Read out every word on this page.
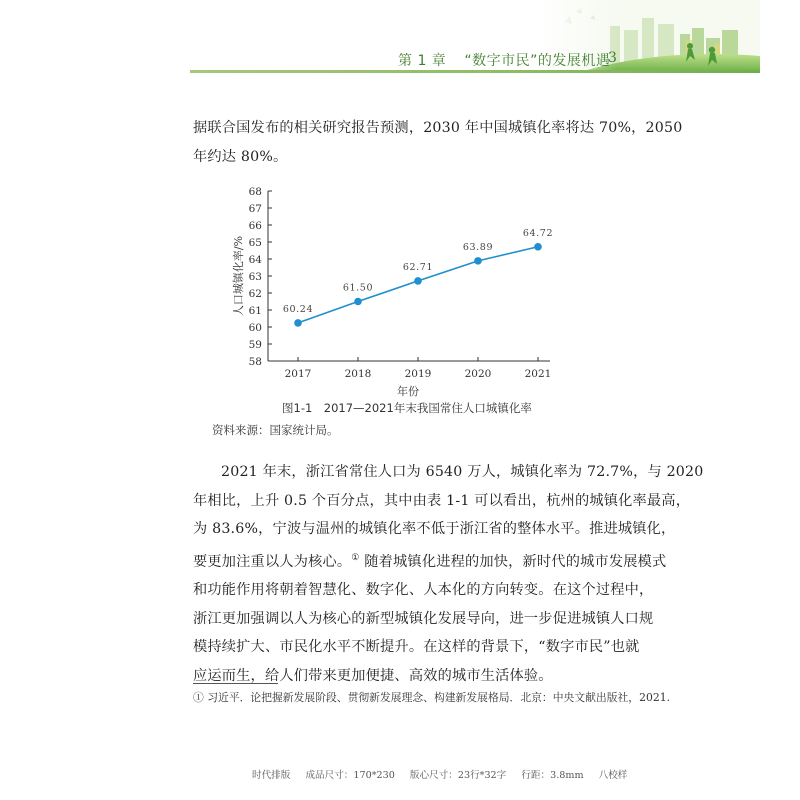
第 1 章 “数字市民”的发展机遇
3
据联合国发布的相关研究报告预测，2030 年中国城镇化率将达 70%，2050
年约达 80%。
58
59
60
61
62
63
64
65
66
67
68
2017	2018	2019	2020	2021
年份
人口城镇化率/%	60.24
61.50
62.71
63.89
64.72
图1-1　2017—2021年末我国常住人口城镇化率
资料来源：国家统计局。
2021 年末，浙江省常住人口为 6540 万人，城镇化率为 72.7%，与 2020
年相比，上升 0.5 个百分点，其中由表 1-1 可以看出，杭州的城镇化率最高，
为 83.6%，宁波与温州的城镇化率不低于浙江省的整体水平。推进城镇化，
要更加注重以人为核心。① 随着城镇化进程的加快，新时代的城市发展模式
和功能作用将朝着智慧化、数字化、人本化的方向转变。在这个过程中，
浙江更加强调以人为核心的新型城镇化发展导向，进一步促进城镇人口规
模持续扩大、市民化水平不断提升。在这样的背景下，“数字市民”也就
应运而生，给人们带来更加便捷、高效的城市生活体验。
① 习近平．论把握新发展阶段、贯彻新发展理念、构建新发展格局．北京：中央文献出版社，2021.
时代排版 成品尺寸：170*230 版心尺寸：23行*32字 行距：3.8mm 八校样
